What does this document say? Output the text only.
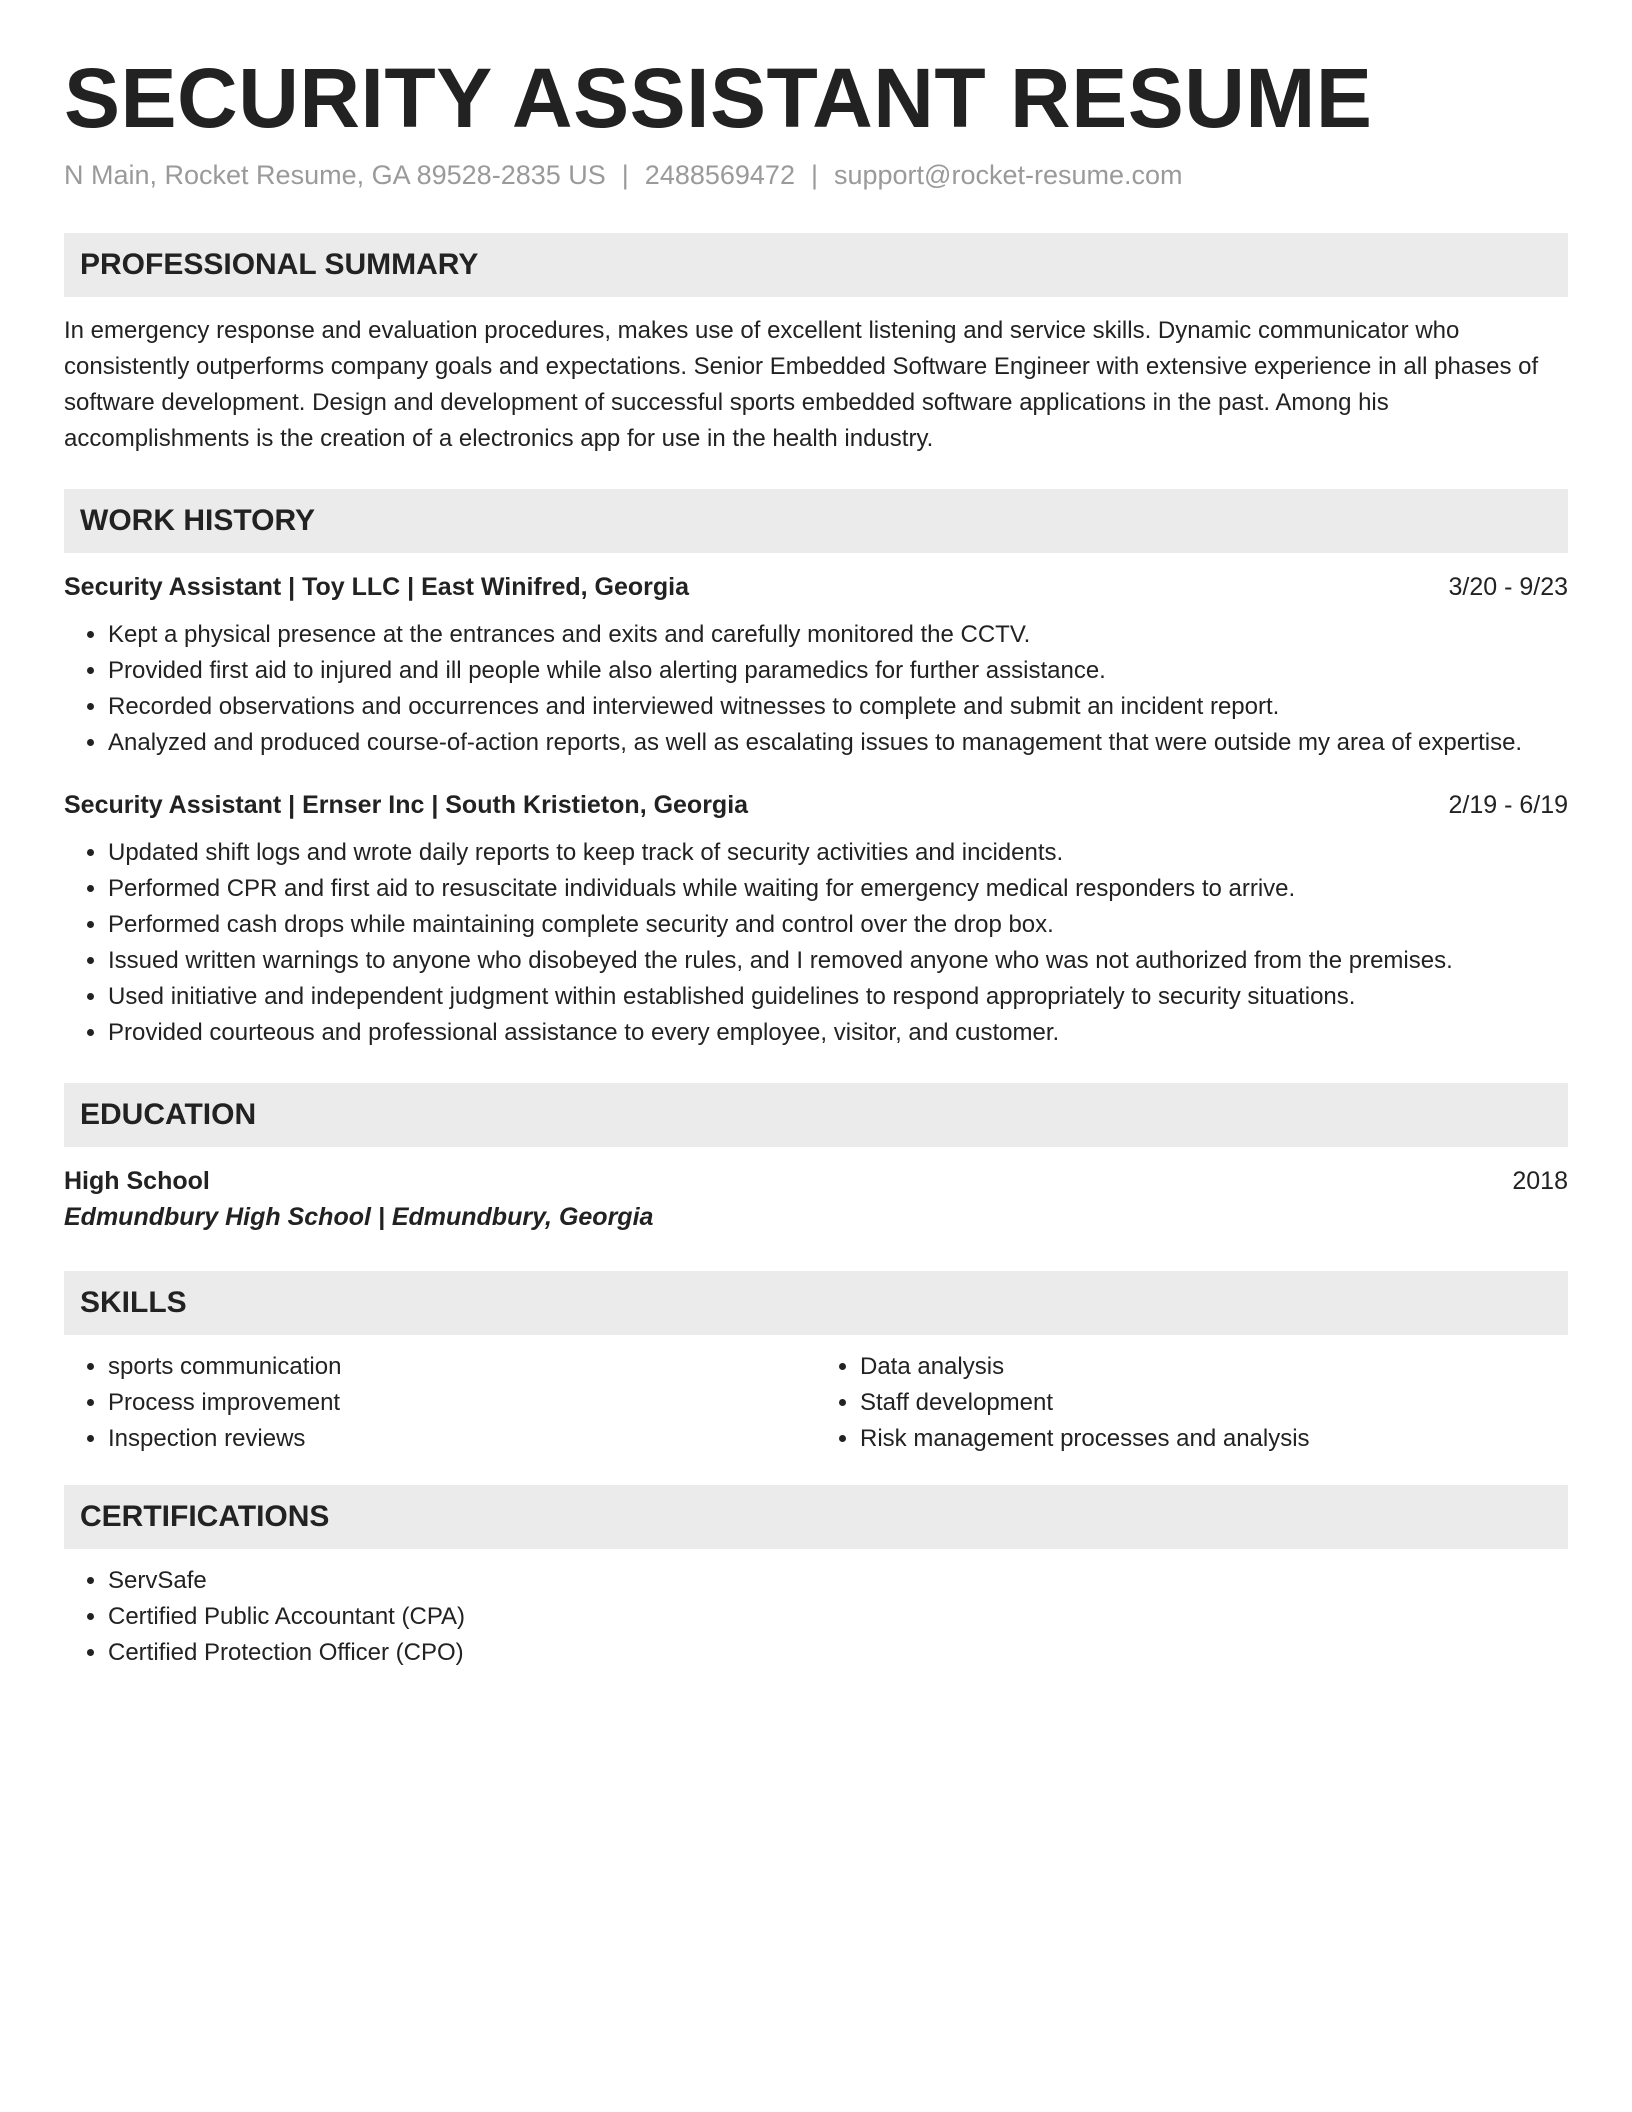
SECURITY ASSISTANT RESUME
N Main, Rocket Resume, GA 89528-2835 US | 2488569472 | support@rocket-resume.com
PROFESSIONAL SUMMARY

In emergency response and evaluation procedures, makes use of excellent listening and service skills. Dynamic communicator who consistently outperforms company goals and expectations. Senior Embedded Software Engineer with extensive experience in all phases of software development. Design and development of successful sports embedded software applications in the past. Among his accomplishments is the creation of a electronics app for use in the health industry.

WORK HISTORY
Security Assistant | Toy LLC | East Winifred, Georgia	3/20 - 9/23
• Kept a physical presence at the entrances and exits and carefully monitored the CCTV.
• Provided first aid to injured and ill people while also alerting paramedics for further assistance.
• Recorded observations and occurrences and interviewed witnesses to complete and submit an incident report.
• Analyzed and produced course-of-action reports, as well as escalating issues to management that were outside my area of expertise.
Security Assistant | Ernser Inc | South Kristieton, Georgia	2/19 - 6/19
• Updated shift logs and wrote daily reports to keep track of security activities and incidents.
• Performed CPR and first aid to resuscitate individuals while waiting for emergency medical responders to arrive.
• Performed cash drops while maintaining complete security and control over the drop box.
• Issued written warnings to anyone who disobeyed the rules, and I removed anyone who was not authorized from the premises.
• Used initiative and independent judgment within established guidelines to respond appropriately to security situations.
• Provided courteous and professional assistance to every employee, visitor, and customer.
EDUCATION
High School	2018
Edmundbury High School | Edmundbury, Georgia
SKILLS
• sports communication
• Process improvement
• Inspection reviews
• Data analysis
• Staff development
• Risk management processes and analysis
CERTIFICATIONS
• ServSafe
• Certified Public Accountant (CPA)
• Certified Protection Officer (CPO)
